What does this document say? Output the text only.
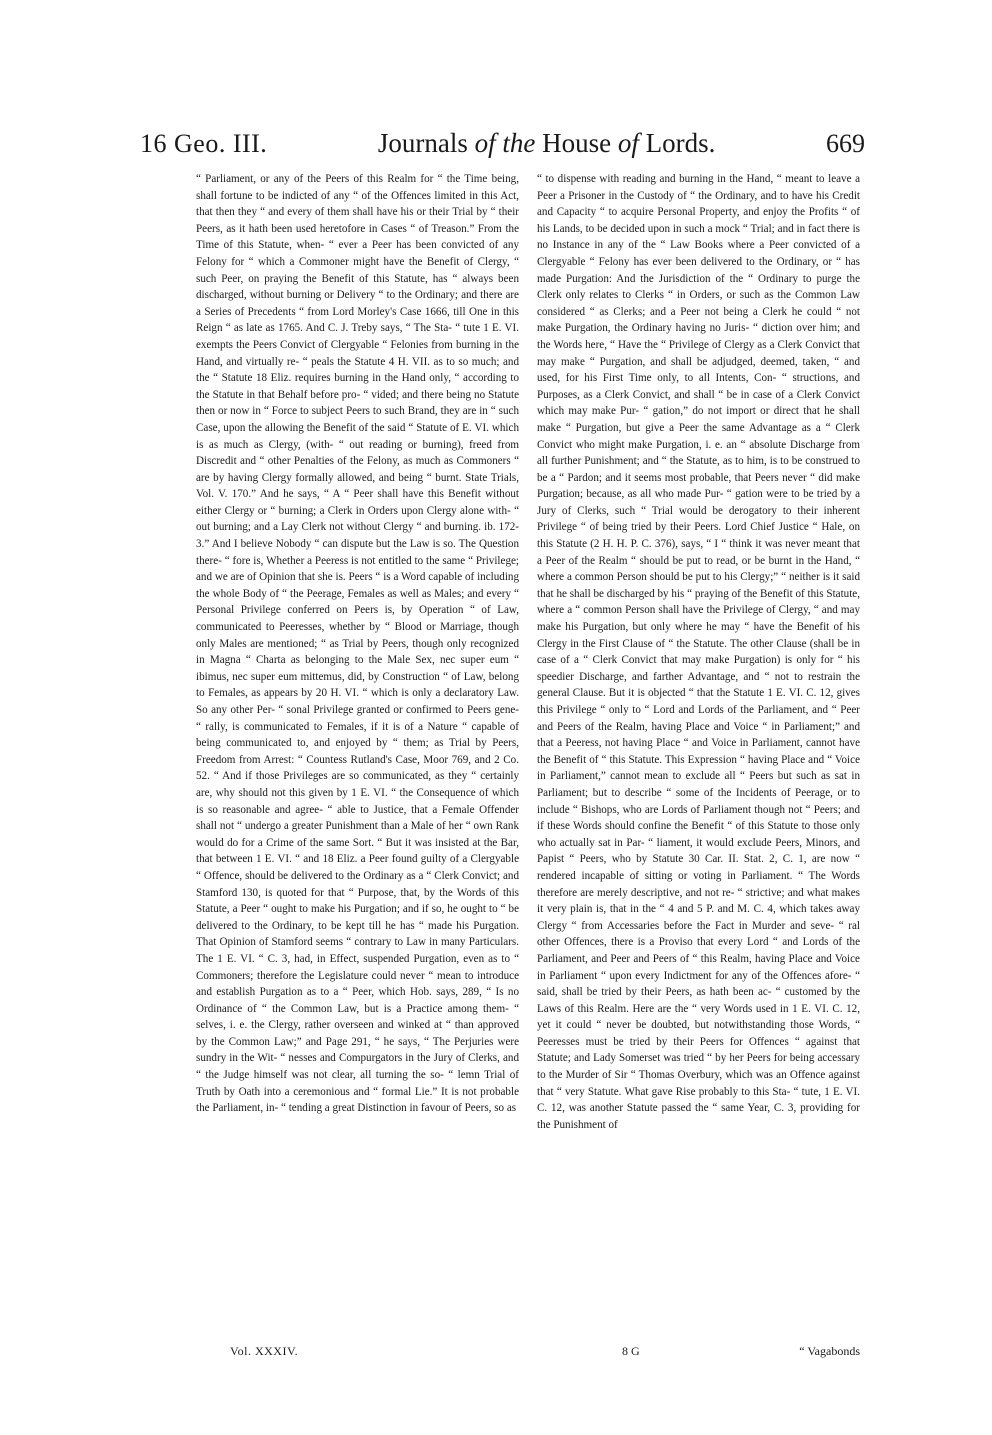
16 Geo. III.	Journals of the House of Lords.	669

“ Parliament, or any of the Peers of this Realm for “ the Time being, shall fortune to be indicted of any “ of the Offences limited in this Act, that then they “ and every of them shall have his or their Trial by “ their Peers, as it hath been used heretofore in Cases “ of Treason.” From the Time of this Statute, when- “ ever a Peer has been convicted of any Felony for “ which a Commoner might have the Benefit of Clergy, “ such Peer, on praying the Benefit of this Statute, has “ always been discharged, without burning or Delivery “ to the Ordinary; and there are a Series of Precedents “ from Lord Morley's Case 1666, till One in this Reign “ as late as 1765. And C. J. Treby says, “ The Sta- “ tute 1 E. VI. exempts the Peers Convict of Clergyable “ Felonies from burning in the Hand, and virtually re- “ peals the Statute 4 H. VII. as to so much; and the “ Statute 18 Eliz. requires burning in the Hand only, “ according to the Statute in that Behalf before pro- “ vided; and there being no Statute then or now in “ Force to subject Peers to such Brand, they are in “ such Case, upon the allowing the Benefit of the said “ Statute of E. VI. which is as much as Clergy, (with- “ out reading or burning), freed from Discredit and “ other Penalties of the Felony, as much as Commoners “ are by having Clergy formally allowed, and being “ burnt. State Trials, Vol. V. 170.” And he says, “ A “ Peer shall have this Benefit without either Clergy or “ burning; a Clerk in Orders upon Clergy alone with- “ out burning; and a Lay Clerk not without Clergy “ and burning. ib. 172-3.” And I believe Nobody “ can dispute but the Law is so. The Question there- “ fore is, Whether a Peeress is not entitled to the same “ Privilege; and we are of Opinion that she is. Peers “ is a Word capable of including the whole Body of “ the Peerage, Females as well as Males; and every “ Personal Privilege conferred on Peers is, by Operation “ of Law, communicated to Peeresses, whether by “ Blood or Marriage, though only Males are mentioned; “ as Trial by Peers, though only recognized in Magna “ Charta as belonging to the Male Sex, nec super eum “ ibimus, nec super eum mittemus, did, by Construction “ of Law, belong to Females, as appears by 20 H. VI. “ which is only a declaratory Law. So any other Per- “ sonal Privilege granted or confirmed to Peers gene- “ rally, is communicated to Females, if it is of a Nature “ capable of being communicated to, and enjoyed by “ them; as Trial by Peers, Freedom from Arrest: “ Countess Rutland's Case, Moor 769, and 2 Co. 52. “ And if those Privileges are so communicated, as they “ certainly are, why should not this given by 1 E. VI. “ the Consequence of which is so reasonable and agree- “ able to Justice, that a Female Offender shall not “ undergo a greater Punishment than a Male of her “ own Rank would do for a Crime of the same Sort. “ But it was insisted at the Bar, that between 1 E. VI. “ and 18 Eliz. a Peer found guilty of a Clergyable “ Offence, should be delivered to the Ordinary as a “ Clerk Convict; and Stamford 130, is quoted for that “ Purpose, that, by the Words of this Statute, a Peer “ ought to make his Purgation; and if so, he ought to “ be delivered to the Ordinary, to be kept till he has “ made his Purgation. That Opinion of Stamford seems “ contrary to Law in many Particulars. The 1 E. VI. “ C. 3, had, in Effect, suspended Purgation, even as to “ Commoners; therefore the Legislature could never “ mean to introduce and establish Purgation as to a “ Peer, which Hob. says, 289, “ Is no Ordinance of “ the Common Law, but is a Practice among them- “ selves, i. e. the Clergy, rather overseen and winked at “ than approved by the Common Law;” and Page 291, “ he says, “ The Perjuries were sundry in the Wit- “ nesses and Compurgators in the Jury of Clerks, and “ the Judge himself was not clear, all turning the so- “ lemn Trial of Truth by Oath into a ceremonious and “ formal Lie.” It is not probable the Parliament, in- “ tending a great Distinction in favour of Peers, so as

“ to dispense with reading and burning in the Hand, “ meant to leave a Peer a Prisoner in the Custody of “ the Ordinary, and to have his Credit and Capacity “ to acquire Personal Property, and enjoy the Profits “ of his Lands, to be decided upon in such a mock “ Trial; and in fact there is no Instance in any of the “ Law Books where a Peer convicted of a Clergyable “ Felony has ever been delivered to the Ordinary, or “ has made Purgation: And the Jurisdiction of the “ Ordinary to purge the Clerk only relates to Clerks “ in Orders, or such as the Common Law considered “ as Clerks; and a Peer not being a Clerk he could “ not make Purgation, the Ordinary having no Juris- “ diction over him; and the Words here, “ Have the “ Privilege of Clergy as a Clerk Convict that may make “ Purgation, and shall be adjudged, deemed, taken, “ and used, for his First Time only, to all Intents, Con- “ structions, and Purposes, as a Clerk Convict, and shall “ be in case of a Clerk Convict which may make Pur- “ gation,” do not import or direct that he shall make “ Purgation, but give a Peer the same Advantage as a “ Clerk Convict who might make Purgation, i. e. an “ absolute Discharge from all further Punishment; and “ the Statute, as to him, is to be construed to be a “ Pardon; and it seems most probable, that Peers never “ did make Purgation; because, as all who made Pur- “ gation were to be tried by a Jury of Clerks, such “ Trial would be derogatory to their inherent Privilege “ of being tried by their Peers. Lord Chief Justice “ Hale, on this Statute (2 H. H. P. C. 376), says, “ I “ think it was never meant that a Peer of the Realm “ should be put to read, or be burnt in the Hand, “ where a common Person should be put to his Clergy;” “ neither is it said that he shall be discharged by his “ praying of the Benefit of this Statute, where a “ common Person shall have the Privilege of Clergy, “ and may make his Purgation, but only where he may “ have the Benefit of his Clergy in the First Clause of “ the Statute. The other Clause (shall be in case of a “ Clerk Convict that may make Purgation) is only for “ his speedier Discharge, and farther Advantage, and “ not to restrain the general Clause. But it is objected “ that the Statute 1 E. VI. C. 12, gives this Privilege “ only to “ Lord and Lords of the Parliament, and “ Peer and Peers of the Realm, having Place and Voice “ in Parliament;” and that a Peeress, not having Place “ and Voice in Parliament, cannot have the Benefit of “ this Statute. This Expression “ having Place and “ Voice in Parliament,” cannot mean to exclude all “ Peers but such as sat in Parliament; but to describe “ some of the Incidents of Peerage, or to include “ Bishops, who are Lords of Parliament though not “ Peers; and if these Words should confine the Benefit “ of this Statute to those only who actually sat in Par- “ liament, it would exclude Peers, Minors, and Papist “ Peers, who by Statute 30 Car. II. Stat. 2, C. 1, are now “ rendered incapable of sitting or voting in Parliament. “ The Words therefore are merely descriptive, and not re- “ strictive; and what makes it very plain is, that in the “ 4 and 5 P. and M. C. 4, which takes away Clergy “ from Accessaries before the Fact in Murder and seve- “ ral other Offences, there is a Proviso that every Lord “ and Lords of the Parliament, and Peer and Peers of “ this Realm, having Place and Voice in Parliament “ upon every Indictment for any of the Offences afore- “ said, shall be tried by their Peers, as hath been ac- “ customed by the Laws of this Realm. Here are the “ very Words used in 1 E. VI. C. 12, yet it could “ never be doubted, but notwithstanding those Words, “ Peeresses must be tried by their Peers for Offences “ against that Statute; and Lady Somerset was tried “ by her Peers for being accessary to the Murder of Sir “ Thomas Overbury, which was an Offence against that “ very Statute. What gave Rise probably to this Sta- “ tute, 1 E. VI. C. 12, was another Statute passed the “ same Year, C. 3, providing for the Punishment of

Vol. XXXIV.	8 G	“ Vagabonds
